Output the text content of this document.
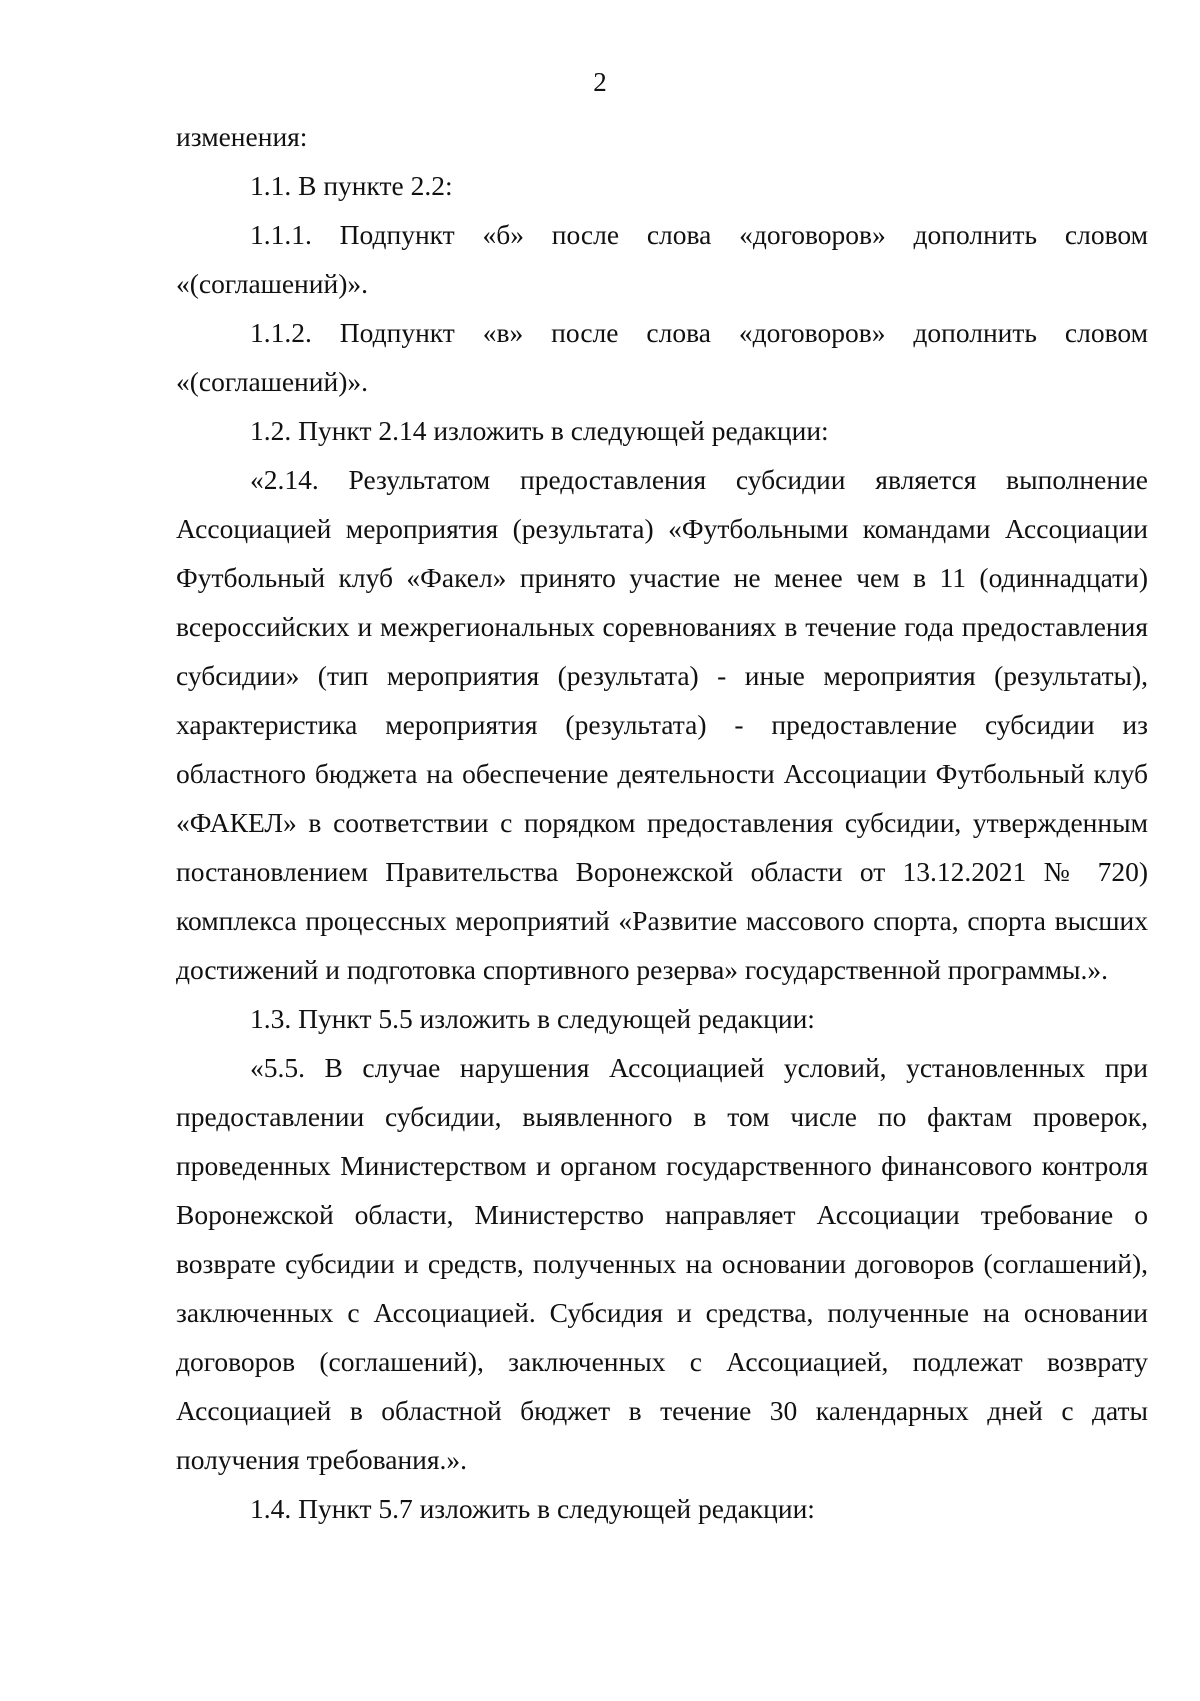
2

изменения:

1.1. В пункте 2.2:

1.1.1. Подпункт «б» после слова «договоров» дополнить словом «(соглашений)».

1.1.2. Подпункт «в» после слова «договоров» дополнить словом «(соглашений)».

1.2. Пункт 2.14 изложить в следующей редакции:

«2.14. Результатом предоставления субсидии является выполнение Ассоциацией мероприятия (результата) «Футбольными командами Ассоциации Футбольный клуб «Факел» принято участие не менее чем в 11 (одиннадцати) всероссийских и межрегиональных соревнованиях в течение года предоставления субсидии» (тип мероприятия (результата) - иные мероприятия (результаты), характеристика мероприятия (результата) - предоставление субсидии из областного бюджета на обеспечение деятельности Ассоциации Футбольный клуб «ФАКЕЛ» в соответствии с порядком предоставления субсидии, утвержденным постановлением Правительства Воронежской области от 13.12.2021 № 720) комплекса процессных мероприятий «Развитие массового спорта, спорта высших достижений и подготовка спортивного резерва» государственной программы.».

1.3. Пункт 5.5 изложить в следующей редакции:

«5.5. В случае нарушения Ассоциацией условий, установленных при предоставлении субсидии, выявленного в том числе по фактам проверок, проведенных Министерством и органом государственного финансового контроля Воронежской области, Министерство направляет Ассоциации требование о возврате субсидии и средств, полученных на основании договоров (соглашений), заключенных с Ассоциацией. Субсидия и средства, полученные на основании договоров (соглашений), заключенных с Ассоциацией, подлежат возврату Ассоциацией в областной бюджет в течение 30 календарных дней с даты получения требования.».

1.4. Пункт 5.7 изложить в следующей редакции:
